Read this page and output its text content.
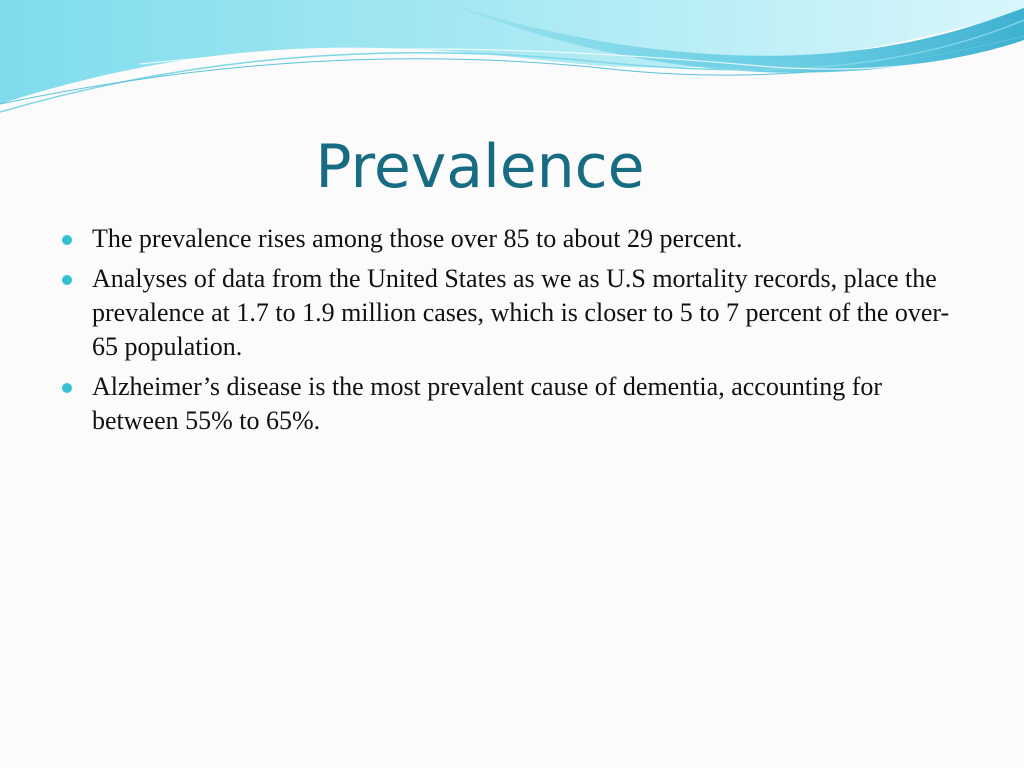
Prevalence
The prevalence rises among those over 85 to about 29 percent.
Analyses of data from the United States as we as U.S mortality records, place the prevalence at 1.7 to 1.9 million cases, which is closer to 5 to 7 percent of the over-65 population.
Alzheimer’s disease is the most prevalent cause of dementia, accounting for between 55% to 65%.
